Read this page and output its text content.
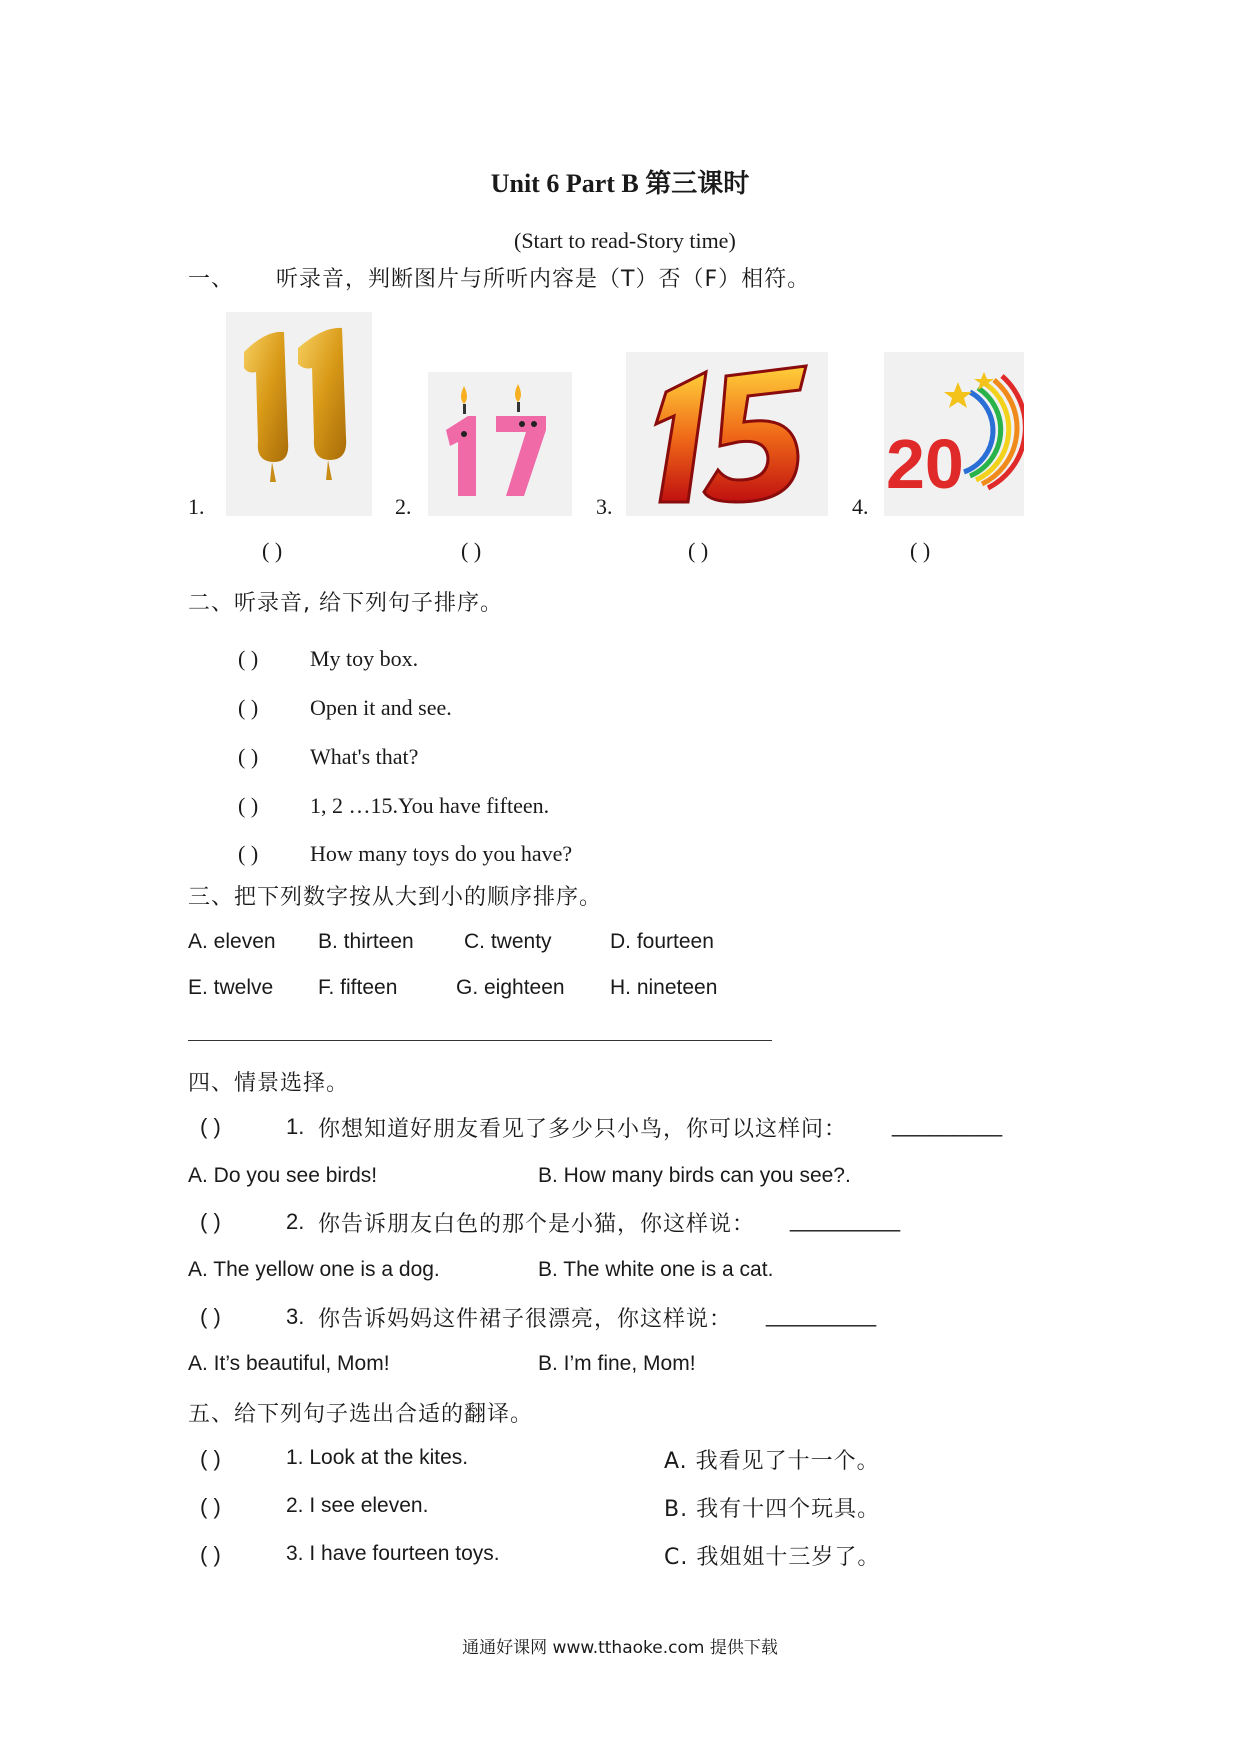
Unit 6 Part B 第三课时
(Start to read-Story time)
一、 听录音，判断图片与所听内容是（T）否（F）相符。
1.
( )
2.
( )
3.
( )
4.
20
( )
二、听录音, 给下列句子排序。
( ) My toy box.
( ) Open it and see.
( ) What's that?
( ) 1, 2 …15.You have fifteen.
( ) How many toys do you have?
三、把下列数字按从大到小的顺序排序。
A. eleven B. thirteen C. twenty	D. fourteen
E. twelve F. fifteen	G. eighteen H. nineteen
四、情景选择。
( )	1. 你想知道好朋友看见了多少只小鸟，你可以这样问： _________
A. Do you see birds!	B. How many birds can you see?.
( )	2. 你告诉朋友白色的那个是小猫，你这样说： _________
A. The yellow one is a dog.	B. The white one is a cat.
( )	3. 你告诉妈妈这件裙子很漂亮，你这样说： _________
A. It’s beautiful, Mom!	B. I’m fine, Mom!
五、给下列句子选出合适的翻译。
( )	1. Look at the kites.	A. 我看见了十一个。
( )	2. I see eleven.	B. 我有十四个玩具。
( )	3. I have fourteen toys.	C. 我姐姐十三岁了。
通通好课网 www.tthaoke.com 提供下载
